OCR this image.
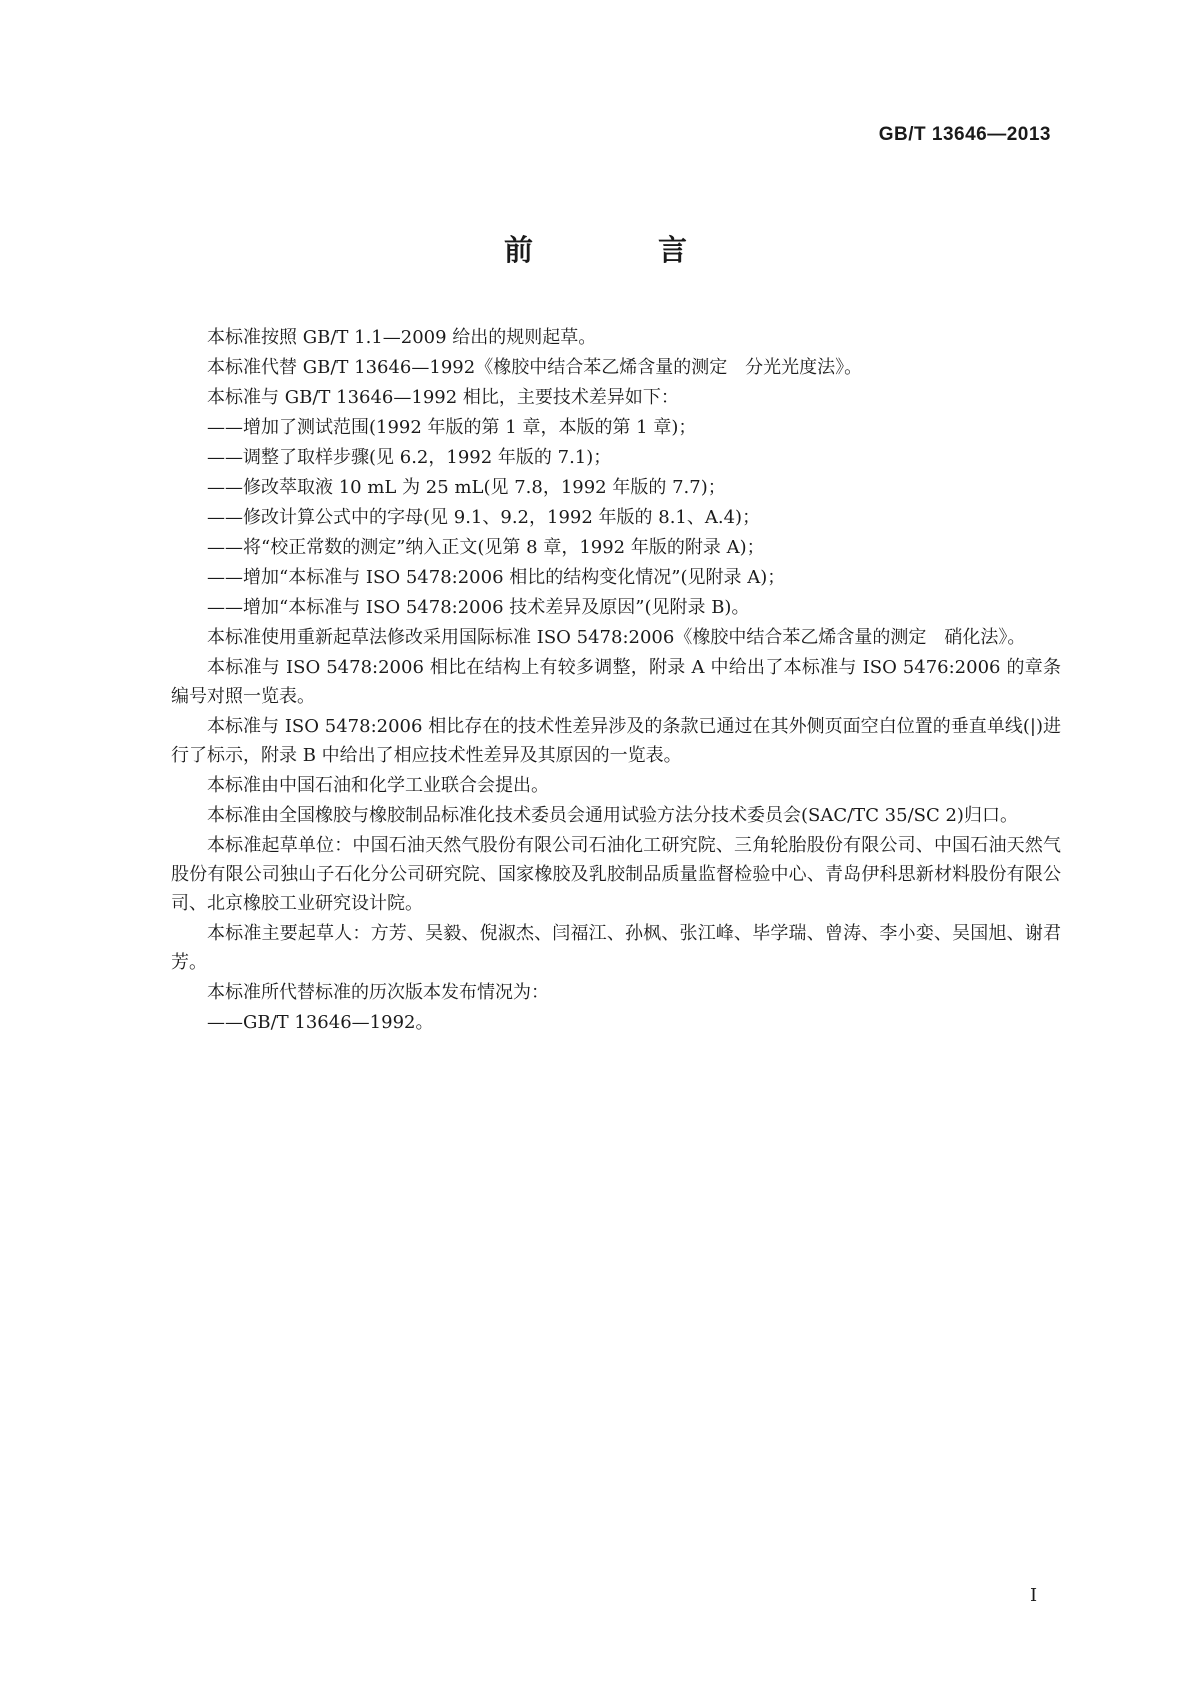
GB/T 13646—2013
前　言
本标准按照 GB/T 1.1—2009 给出的规则起草。
本标准代替 GB/T 13646—1992《橡胶中结合苯乙烯含量的测定　分光光度法》。
本标准与 GB/T 13646—1992 相比，主要技术差异如下：
——增加了测试范围(1992 年版的第 1 章，本版的第 1 章)；
——调整了取样步骤(见 6.2，1992 年版的 7.1)；
——修改萃取液 10 mL 为 25 mL(见 7.8，1992 年版的 7.7)；
——修改计算公式中的字母(见 9.1、9.2，1992 年版的 8.1、A.4)；
——将“校正常数的测定”纳入正文(见第 8 章，1992 年版的附录 A)；
——增加“本标准与 ISO 5478:2006 相比的结构变化情况”(见附录 A)；
——增加“本标准与 ISO 5478:2006 技术差异及原因”(见附录 B)。
本标准使用重新起草法修改采用国际标准 ISO 5478:2006《橡胶中结合苯乙烯含量的测定　硝化法》。
本标准与 ISO 5478:2006 相比在结构上有较多调整，附录 A 中给出了本标准与 ISO 5476:2006 的章条编号对照一览表。
本标准与 ISO 5478:2006 相比存在的技术性差异涉及的条款已通过在其外侧页面空白位置的垂直单线(|)进行了标示，附录 B 中给出了相应技术性差异及其原因的一览表。
本标准由中国石油和化学工业联合会提出。
本标准由全国橡胶与橡胶制品标准化技术委员会通用试验方法分技术委员会(SAC/TC 35/SC 2)归口。
本标准起草单位：中国石油天然气股份有限公司石油化工研究院、三角轮胎股份有限公司、中国石油天然气股份有限公司独山子石化分公司研究院、国家橡胶及乳胶制品质量监督检验中心、青岛伊科思新材料股份有限公司、北京橡胶工业研究设计院。
本标准主要起草人：方芳、吴毅、倪淑杰、闫福江、孙枫、张江峰、毕学瑞、曾涛、李小娈、吴国旭、谢君芳。
本标准所代替标准的历次版本发布情况为：
——GB/T 13646—1992。
I
